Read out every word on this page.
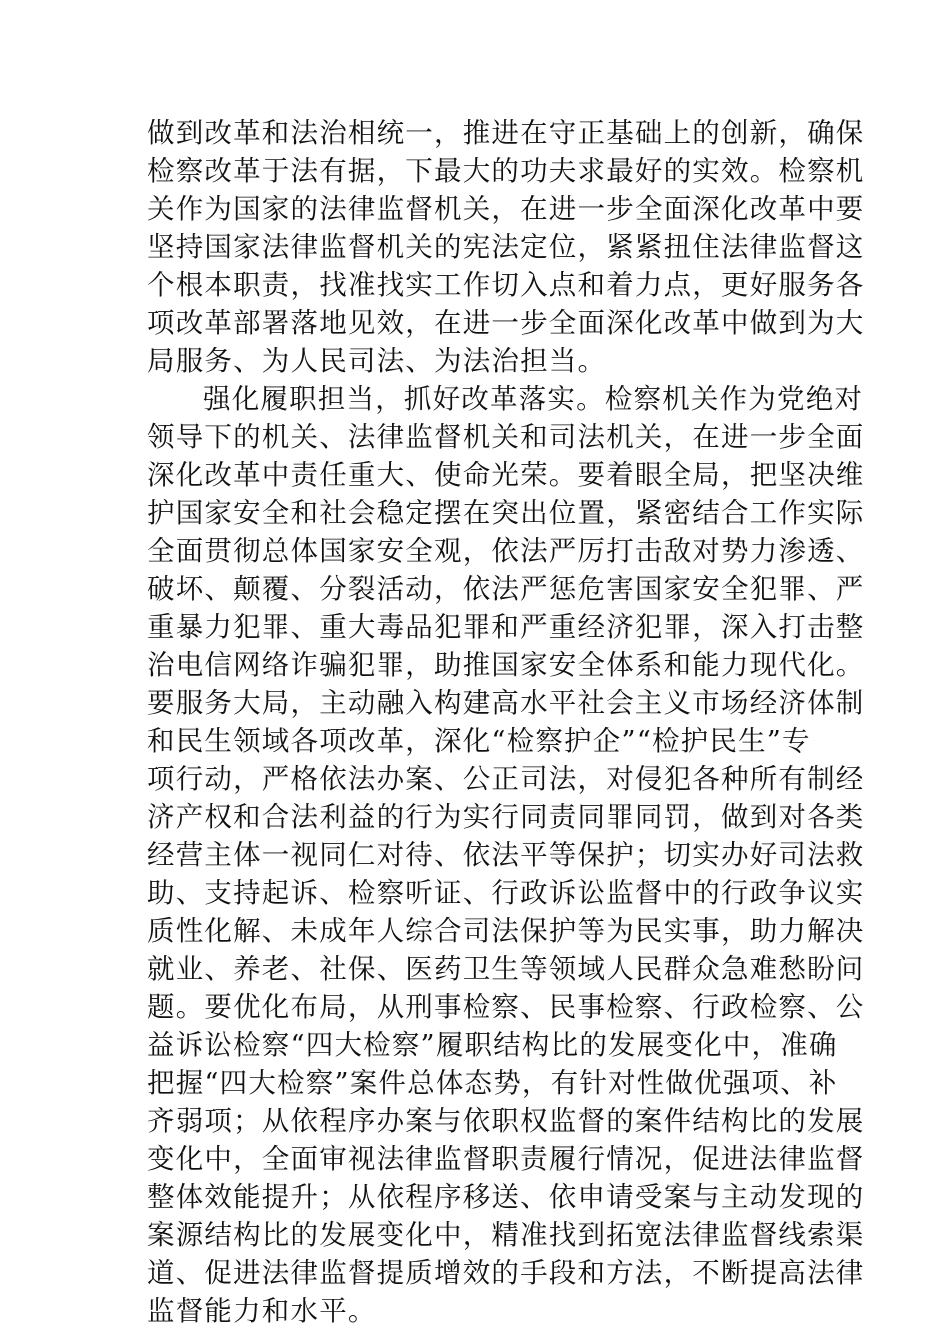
做到改革和法治相统一，推进在守正基础上的创新，确保
检察改革于法有据，下最大的功夫求最好的实效。检察机
关作为国家的法律监督机关，在进一步全面深化改革中要
坚持国家法律监督机关的宪法定位，紧紧扭住法律监督这
个根本职责，找准找实工作切入点和着力点，更好服务各
项改革部署落地见效，在进一步全面深化改革中做到为大
局服务、为人民司法、为法治担当。
强化履职担当，抓好改革落实。检察机关作为党绝对
领导下的机关、法律监督机关和司法机关，在进一步全面
深化改革中责任重大、使命光荣。要着眼全局，把坚决维
护国家安全和社会稳定摆在突出位置，紧密结合工作实际
全面贯彻总体国家安全观，依法严厉打击敌对势力渗透、
破坏、颠覆、分裂活动，依法严惩危害国家安全犯罪、严
重暴力犯罪、重大毒品犯罪和严重经济犯罪，深入打击整
治电信网络诈骗犯罪，助推国家安全体系和能力现代化。
要服务大局，主动融入构建高水平社会主义市场经济体制
和民生领域各项改革，深化“检察护企”“检护民生”专
项行动，严格依法办案、公正司法，对侵犯各种所有制经
济产权和合法利益的行为实行同责同罪同罚，做到对各类
经营主体一视同仁对待、依法平等保护；切实办好司法救
助、支持起诉、检察听证、行政诉讼监督中的行政争议实
质性化解、未成年人综合司法保护等为民实事，助力解决
就业、养老、社保、医药卫生等领域人民群众急难愁盼问
题。要优化布局，从刑事检察、民事检察、行政检察、公
益诉讼检察“四大检察”履职结构比的发展变化中，准确
把握“四大检察”案件总体态势，有针对性做优强项、补
齐弱项；从依程序办案与依职权监督的案件结构比的发展
变化中，全面审视法律监督职责履行情况，促进法律监督
整体效能提升；从依程序移送、依申请受案与主动发现的
案源结构比的发展变化中，精准找到拓宽法律监督线索渠
道、促进法律监督提质增效的手段和方法，不断提高法律
监督能力和水平。
